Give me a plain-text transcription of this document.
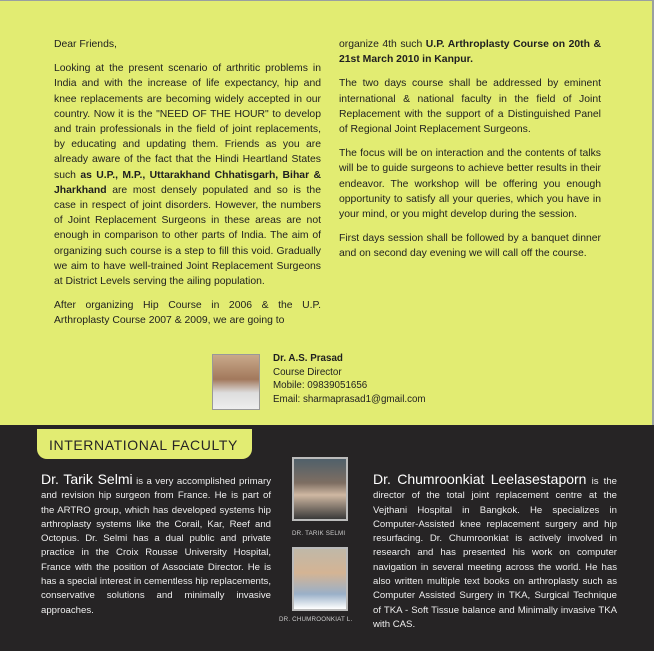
Dear Friends,

Looking at the present scenario of arthritic problems in India and with the increase of life expectancy, hip and knee replacements are becoming widely accepted in our country. Now it is the "NEED OF THE HOUR" to develop and train professionals in the field of joint replacements, by educating and updating them. Friends as you are already aware of the fact that the Hindi Heartland States such as U.P., M.P., Uttarakhand Chhatisgarh, Bihar & Jharkhand are most densely populated and so is the case in respect of joint disorders. However, the numbers of Joint Replacement Surgeons in these areas are not enough in comparison to other parts of India. The aim of organizing such course is a step to fill this void. Gradually we aim to have well-trained Joint Replacement Surgeons at District Levels serving the ailing population.

After organizing Hip Course in 2006 & the U.P. Arthroplasty Course 2007 & 2009, we are going to

organize 4th such U.P. Arthroplasty Course on 20th & 21st March 2010 in Kanpur.

The two days course shall be addressed by eminent international & national faculty in the field of Joint Replacement with the support of a Distinguished Panel of Regional Joint Replacement Surgeons.

The focus will be on interaction and the contents of talks will be to guide surgeons to achieve better results in their endeavor. The workshop will be offering you enough opportunity to satisfy all your queries, which you have in your mind, or you might develop during the session.

First days session shall be followed by a banquet dinner and on second day evening we will call off the course.

Dr. A.S. Prasad
Course Director
Mobile: 09839051656
Email: sharmaprasad1@gmail.com
INTERNATIONAL FACULTY
Dr. Tarik Selmi is a very accomplished primary and revision hip surgeon from France. He is part of the ARTRO group, which has developed systems hip arthroplasty systems like the Corail, Kar, Reef and Octopus. Dr. Selmi has a dual public and private practice in the Croix Rousse University Hospital, France with the position of Associate Director. He is has a special interest in cementless hip replacements, conservative solutions and minimally invasive approaches.
DR. TARIK SELMI
DR. CHUMROONKIAT L.
Dr. Chumroonkiat Leelasestaporn is the director of the total joint replacement centre at the Vejthani Hospital in Bangkok. He specializes in Computer-Assisted knee replacement surgery and hip resurfacing. Dr. Chumroonkiat is actively involved in research and has presented his work on computer navigation in several meeting across the world. He has also written multiple text books on arthroplasty such as Computer Assisted Surgery in TKA, Surgical Technique of TKA - Soft Tissue balance and Minimally invasive TKA with CAS.
